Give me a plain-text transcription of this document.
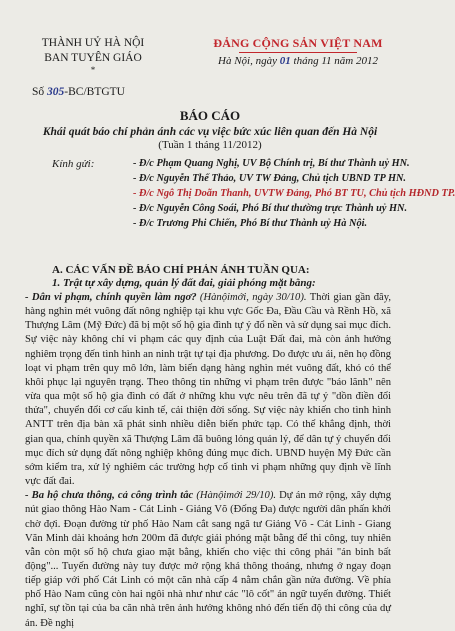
THÀNH UỶ HÀ NỘI
BAN TUYÊN GIÁO
*
Số 305-BC/BTGTU
ĐẢNG CỘNG SẢN VIỆT NAM
Hà Nội, ngày 01 tháng 11 năm 2012
BÁO CÁO
Khái quát báo chí phản ánh các vụ việc bức xúc liên quan đến Hà Nội
(Tuần 1 tháng 11/2012)
Kính gửi:	- Đ/c Phạm Quang Nghị, UV Bộ Chính trị, Bí thư Thành uỷ HN.
- Đ/c Nguyễn Thế Thảo, UV TW Đảng, Chủ tịch UBND TP HN.
- Đ/c Ngô Thị Doãn Thanh, UVTW Đảng, Phó BT TU, Chủ tịch HĐND TP.
- Đ/c Nguyễn Công Soái, Phó Bí thư thường trực Thành uỷ HN.
- Đ/c Trương Phi Chiến, Phó Bí thư Thành uỷ Hà Nội.
A. CÁC VẤN ĐỀ BÁO CHÍ PHẢN ÁNH TUẦN QUA:
1. Trật tự xây dựng, quản lý đất đai, giải phóng mặt bằng:

- Dân vi phạm, chính quyền làm ngơ? (Hànộimới, ngày 30/10). Thời gian gần đây, hàng nghìn mét vuông đất nông nghiệp tại khu vực Gốc Đa, Đầu Cầu và Rềnh Hồ, xã Thượng Lâm (Mỹ Đức) đã bị một số hộ gia đình tự ý đổ nền và sử dụng sai mục đích. Sự việc này không chỉ vi phạm các quy định của Luật Đất đai, mà còn ảnh hưởng nghiêm trọng đến tình hình an ninh trật tự tại địa phương. Do được ưu ái, nên họ đồng loạt vi phạm trên quy mô lớn, làm biến dạng hàng nghìn mét vuông đất, khó có thể khôi phục lại nguyên trạng. Theo thông tin những vi phạm trên được "báo lãnh" nên vừa qua một số hộ gia đình có đất ở những khu vực nêu trên đã tự ý "dồn điền đổi thửa", chuyển đổi cơ cấu kinh tế, cải thiện đời sống. Sự việc này khiến cho tình hình ANTT trên địa bàn xã phát sinh nhiều diễn biến phức tạp. Có thể khẳng định, thời gian qua, chính quyền xã Thượng Lâm đã buông lỏng quản lý, để dân tự ý chuyển đổi mục đích sử dụng đất nông nghiệp không đúng mục đích. UBND huyện Mỹ Đức cần sớm kiểm tra, xử lý nghiêm các trường hợp cố tình vi phạm những quy định về lĩnh vực đất đai.

- Ba hộ chưa thông, cả công trình tắc (Hànộimới 29/10). Dự án mở rộng, xây dựng nút giao thông Hào Nam - Cát Linh - Giảng Võ (Đống Đa) được người dân phấn khởi chờ đợi. Đoạn đường từ phố Hào Nam cắt sang ngã tư Giảng Võ - Cát Linh - Giang Văn Minh dài khoảng hơn 200m đã được giải phóng mặt bằng để thi công, tuy nhiên vẫn còn một số hộ chưa giao mặt bằng, khiến cho việc thi công phải "án binh bất động"... Tuyến đường này tuy được mở rộng khá thông thoáng, nhưng ở ngay đoạn tiếp giáp với phố Cát Linh có một căn nhà cấp 4 nằm chắn gần nửa đường. Về phía phố Hào Nam cũng còn hai ngôi nhà như như các "lô cốt" án ngữ tuyến đường. Thiết nghĩ, sự tồn tại của ba căn nhà trên ảnh hưởng không nhỏ đến tiến độ thi công của dự án. Đề nghị
